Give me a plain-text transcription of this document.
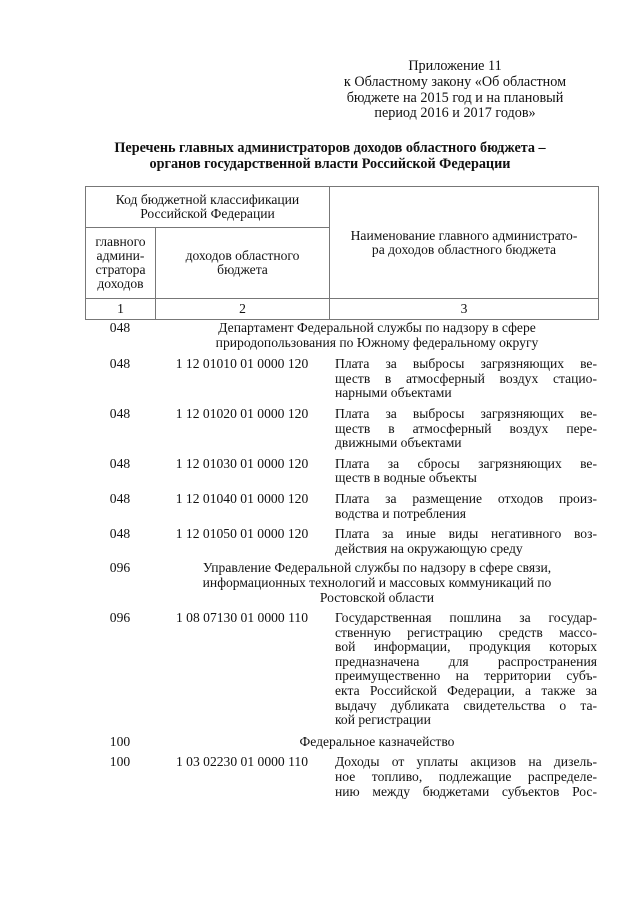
Приложение 11
к Областному закону «Об областном
бюджете на 2015 год и на плановый
период 2016 и 2017 годов»
Перечень главных администраторов доходов областного бюджета –
органов государственной власти Российской Федерации
Код бюджетной классификации
Российской Федерации		Наименование главного администрато-
ра доходов областного бюджета

главного
админи-
стратора
доходов	доходов областного
бюджета	

1	2	3
048	Департамент Федеральной службы по надзору в сфере
природопользования по Южному федеральному округу
048	1 12 01010 01 0000 120	Плата за выбросы загрязняющих ве-
ществ в атмосферный воздух стацио-
нарными объектами
048	1 12 01020 01 0000 120	Плата за выбросы загрязняющих ве-
ществ в атмосферный воздух пере-
движными объектами
048	1 12 01030 01 0000 120	Плата за сбросы загрязняющих ве-
ществ в водные объекты
048	1 12 01040 01 0000 120	Плата за размещение отходов произ-
водства и потребления
048	1 12 01050 01 0000 120	Плата за иные виды негативного воз-
действия на окружающую среду
096	Управление Федеральной службы по надзору в сфере связи,
информационных технологий и массовых коммуникаций по
Ростовской области
096	1 08 07130 01 0000 110	Государственная пошлина за государ-
ственную регистрацию средств массо-
вой информации, продукция которых
предназначена для распространения
преимущественно на территории субъ-
екта Российской Федерации, а также за
выдачу дубликата свидетельства о та-
кой регистрации
100	Федеральное казначейство
100	1 03 02230 01 0000 110	Доходы от уплаты акцизов на дизель-
ное топливо, подлежащие распределе-
нию между бюджетами субъектов Рос-
